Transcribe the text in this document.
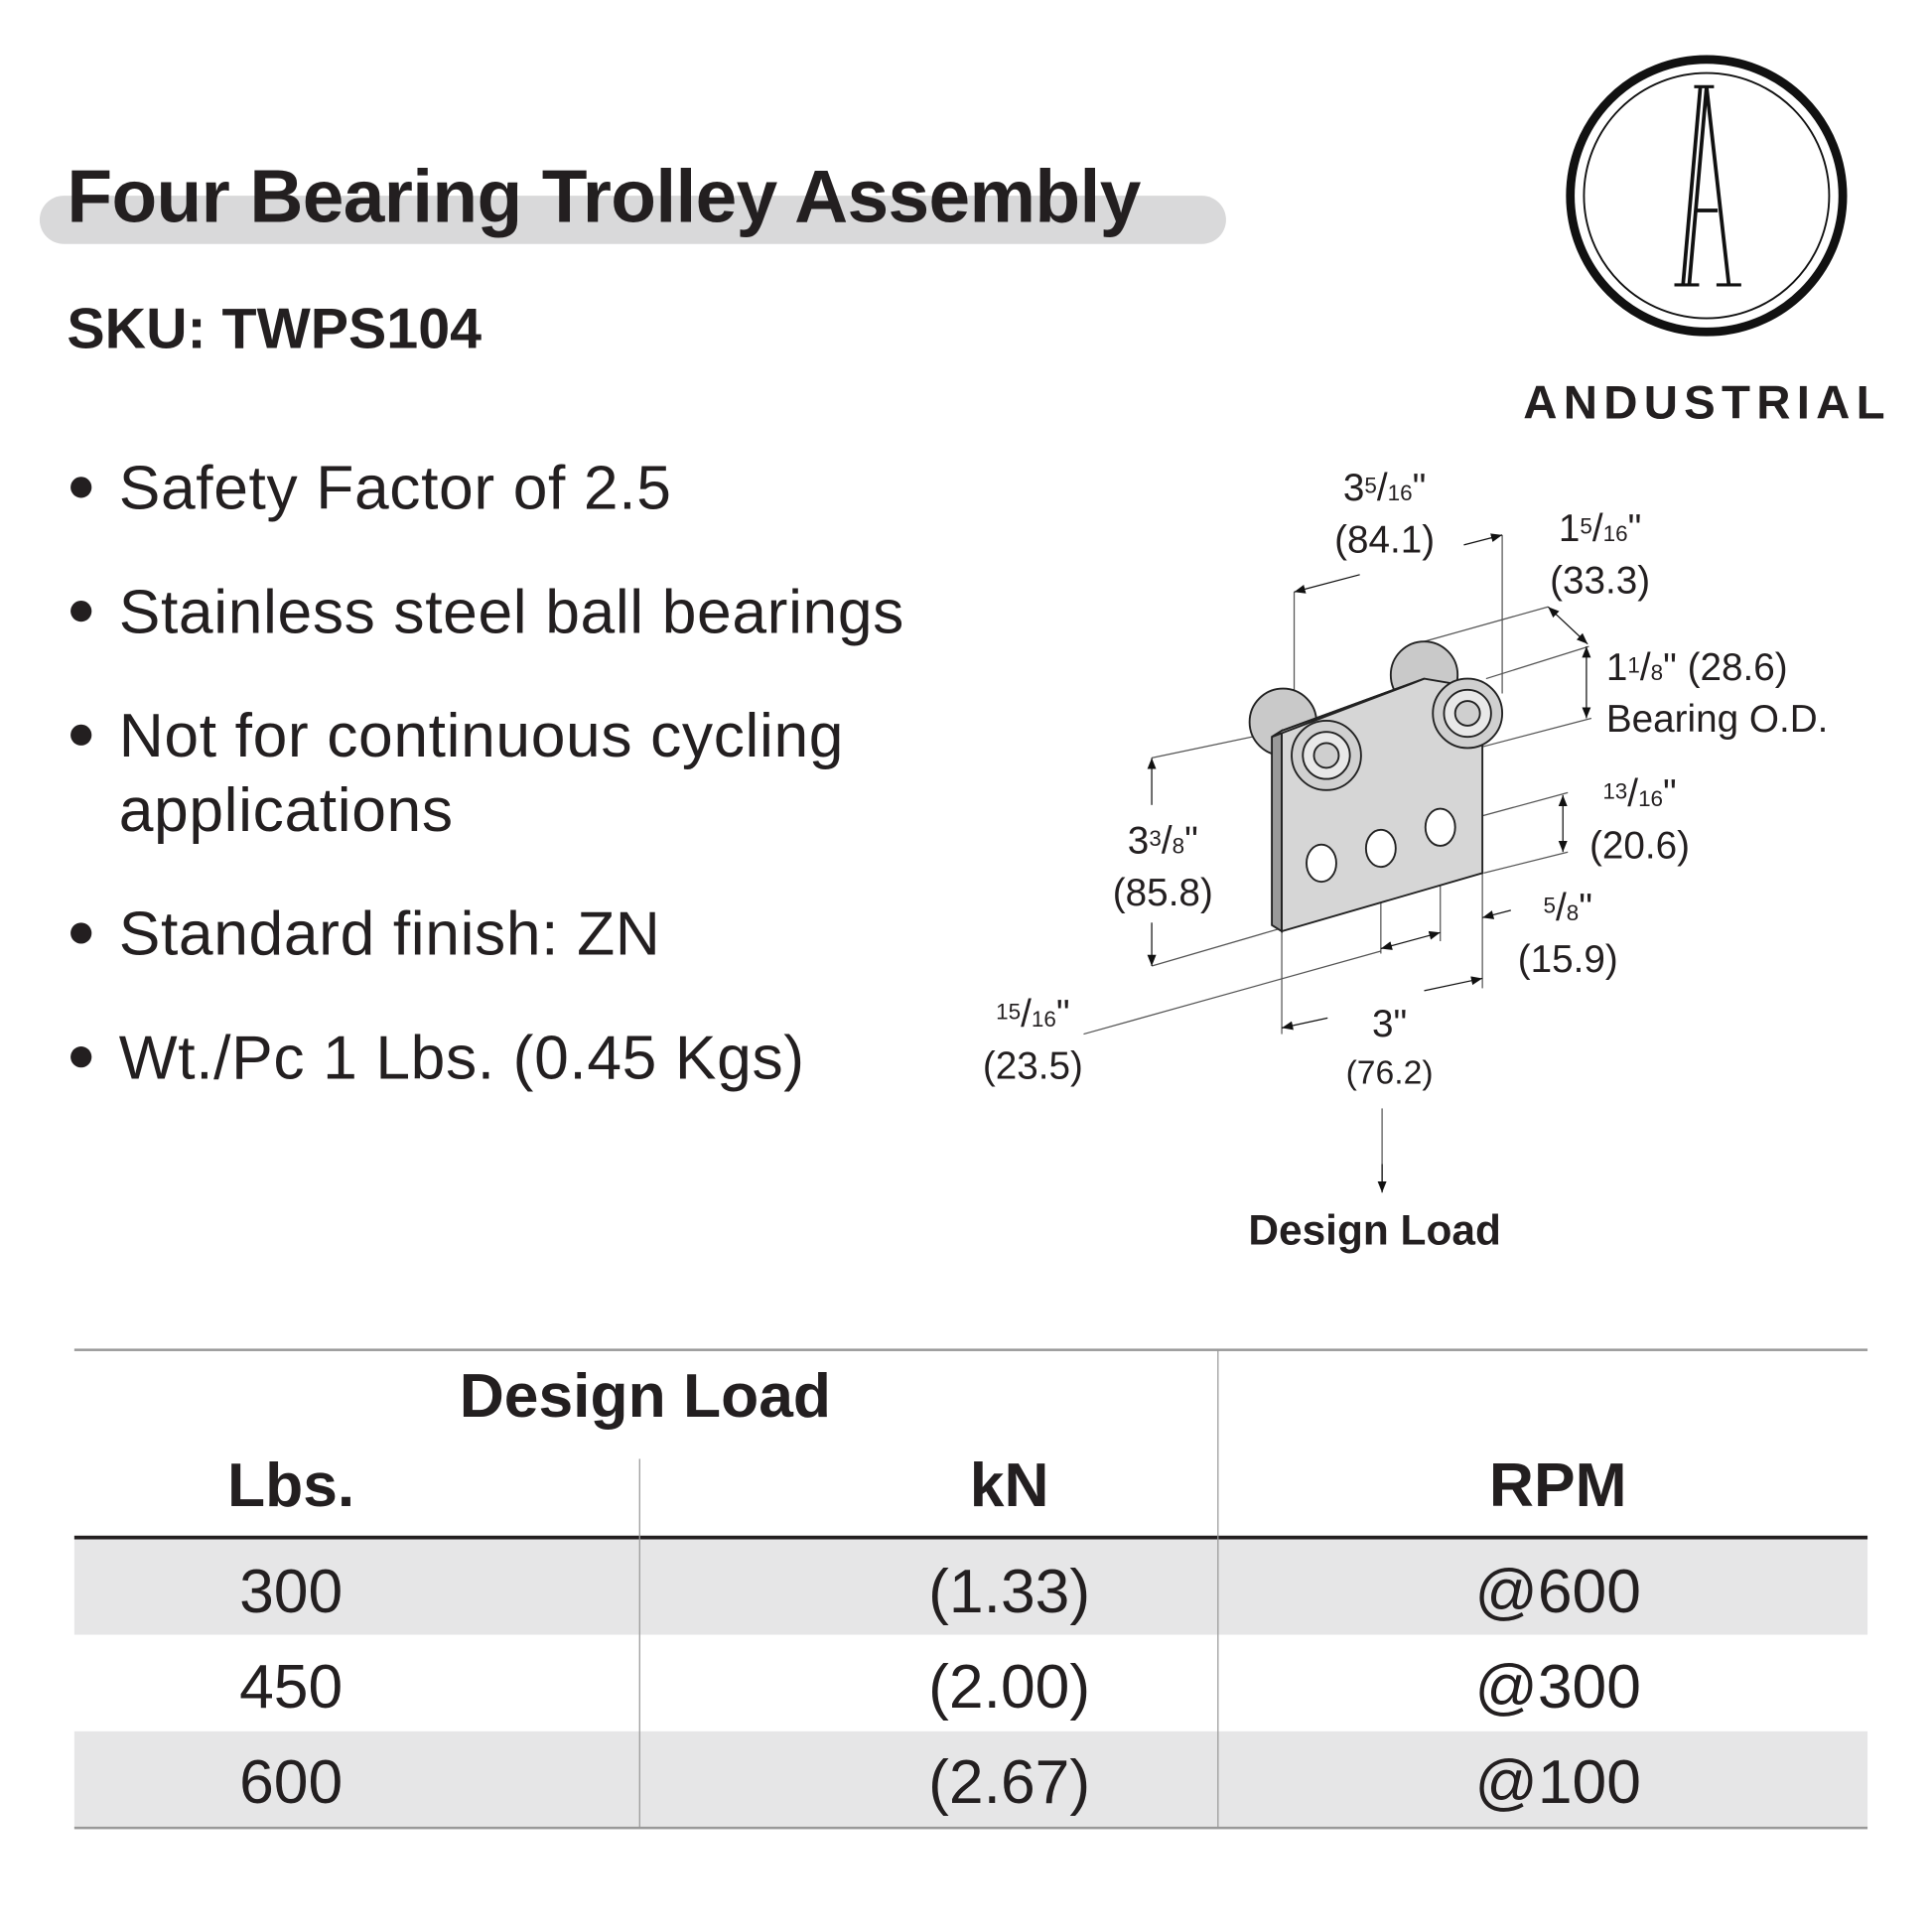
Four Bearing Trolley Assembly
SKU: TWPS104
ANDUSTRIAL
Safety Factor of 2.5
Stainless steel ball bearings
Not for continuous cycling
applications
Standard finish: ZN
Wt./Pc 1 Lbs. (0.45 Kgs)
$3^5/16$"
(84.1)	$1^5/16$"
(33.3)
$1^1/8$" (28.6)
Bearing O.D.
$^{13}$/16"
(20.6)
$3^3/8$"
(85.8)	$^5$/8"
(15.9)
$^{15}$/16"
(23.5)
3"
(76.2)
Design Load
Design Load
Lbs.	kN	RPM
300	(1.33)	@600
450	(2.00)	@300
600	(2.67)	@100
